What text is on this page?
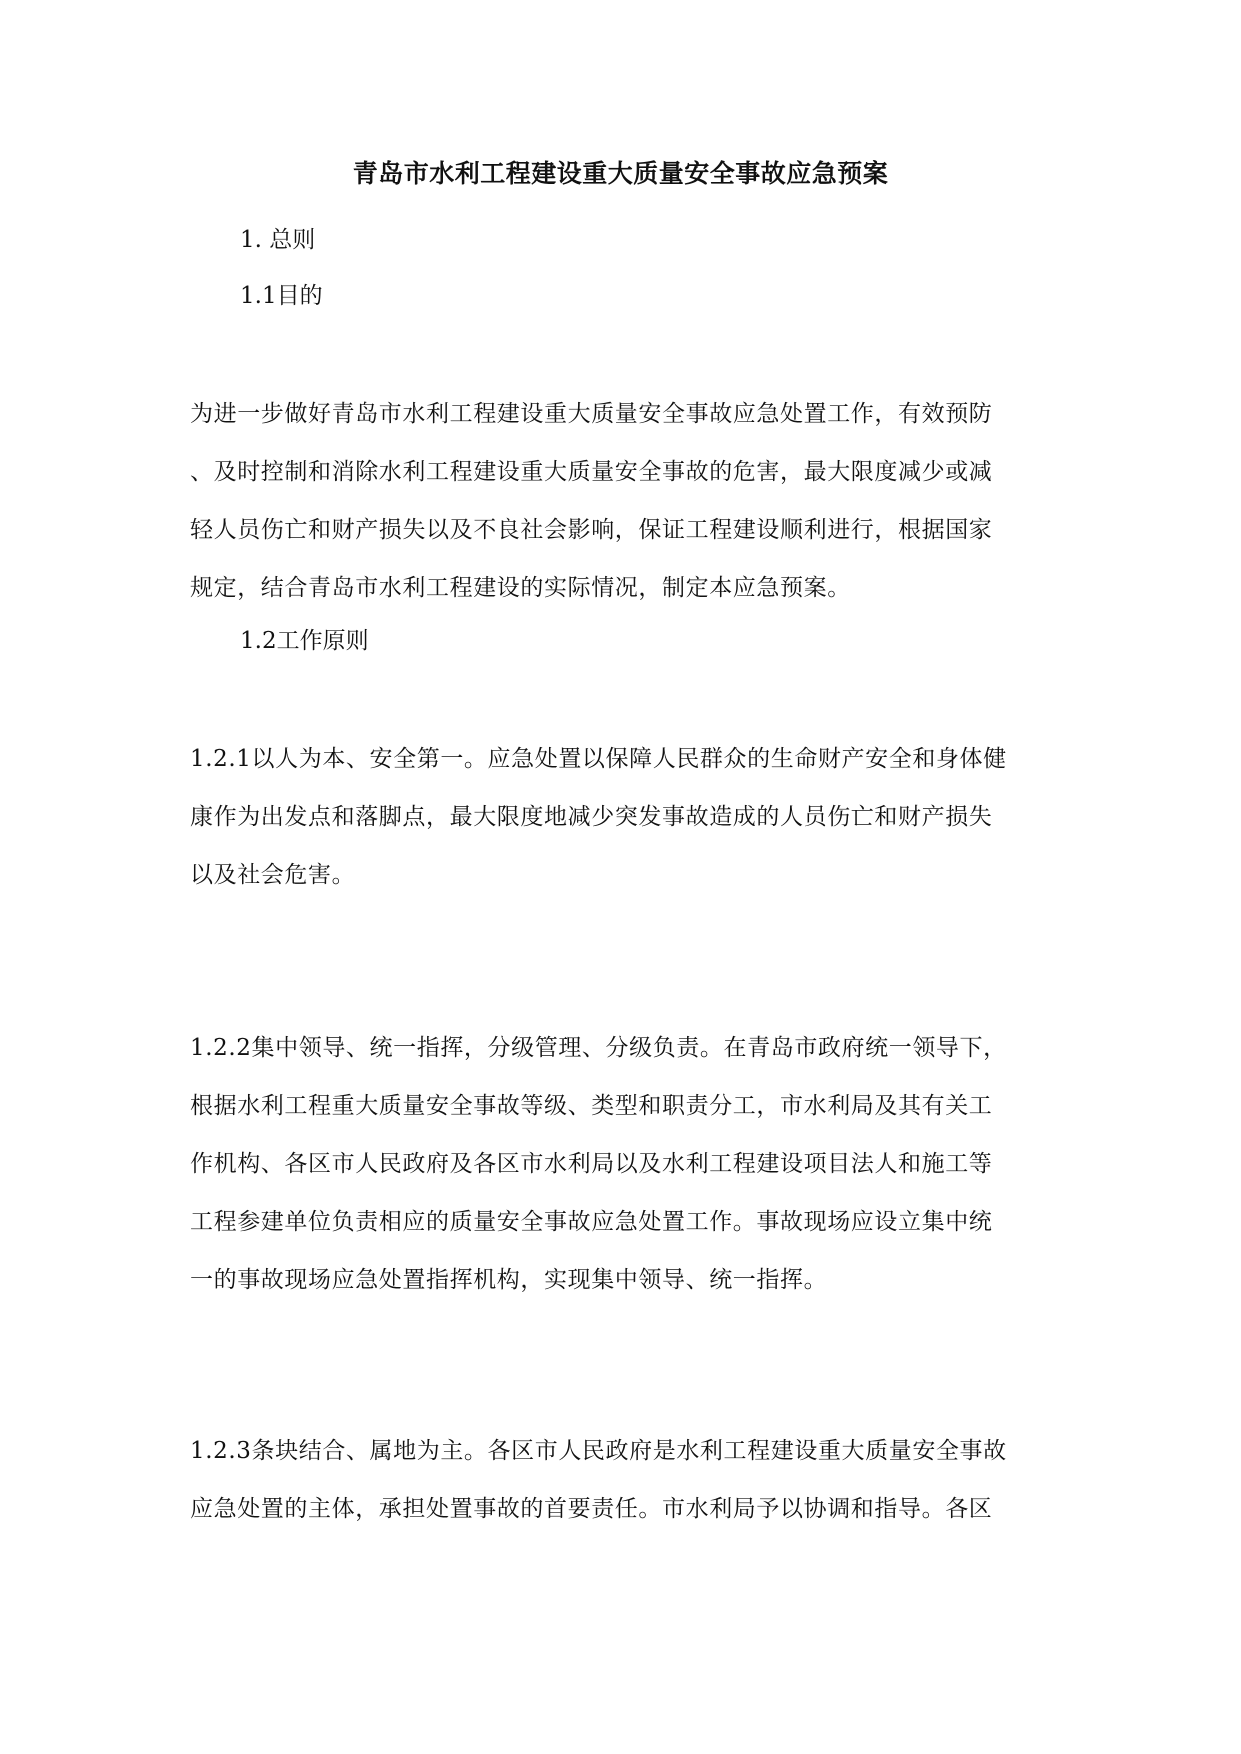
青岛市水利工程建设重大质量安全事故应急预案

1. 总则

1.1目的

为进一步做好青岛市水利工程建设重大质量安全事故应急处置工作，有效预防
、及时控制和消除水利工程建设重大质量安全事故的危害，最大限度减少或减
轻人员伤亡和财产损失以及不良社会影响，保证工程建设顺利进行，根据国家
规定，结合青岛市水利工程建设的实际情况，制定本应急预案。

1.2工作原则

1.2.1以人为本、安全第一。应急处置以保障人民群众的生命财产安全和身体健
康作为出发点和落脚点，最大限度地减少突发事故造成的人员伤亡和财产损失
以及社会危害。
1.2.2集中领导、统一指挥，分级管理、分级负责。在青岛市政府统一领导下，
根据水利工程重大质量安全事故等级、类型和职责分工，市水利局及其有关工
作机构、各区市人民政府及各区市水利局以及水利工程建设项目法人和施工等
工程参建单位负责相应的质量安全事故应急处置工作。事故现场应设立集中统
一的事故现场应急处置指挥机构，实现集中领导、统一指挥。
1.2.3条块结合、属地为主。各区市人民政府是水利工程建设重大质量安全事故
应急处置的主体，承担处置事故的首要责任。市水利局予以协调和指导。各区
